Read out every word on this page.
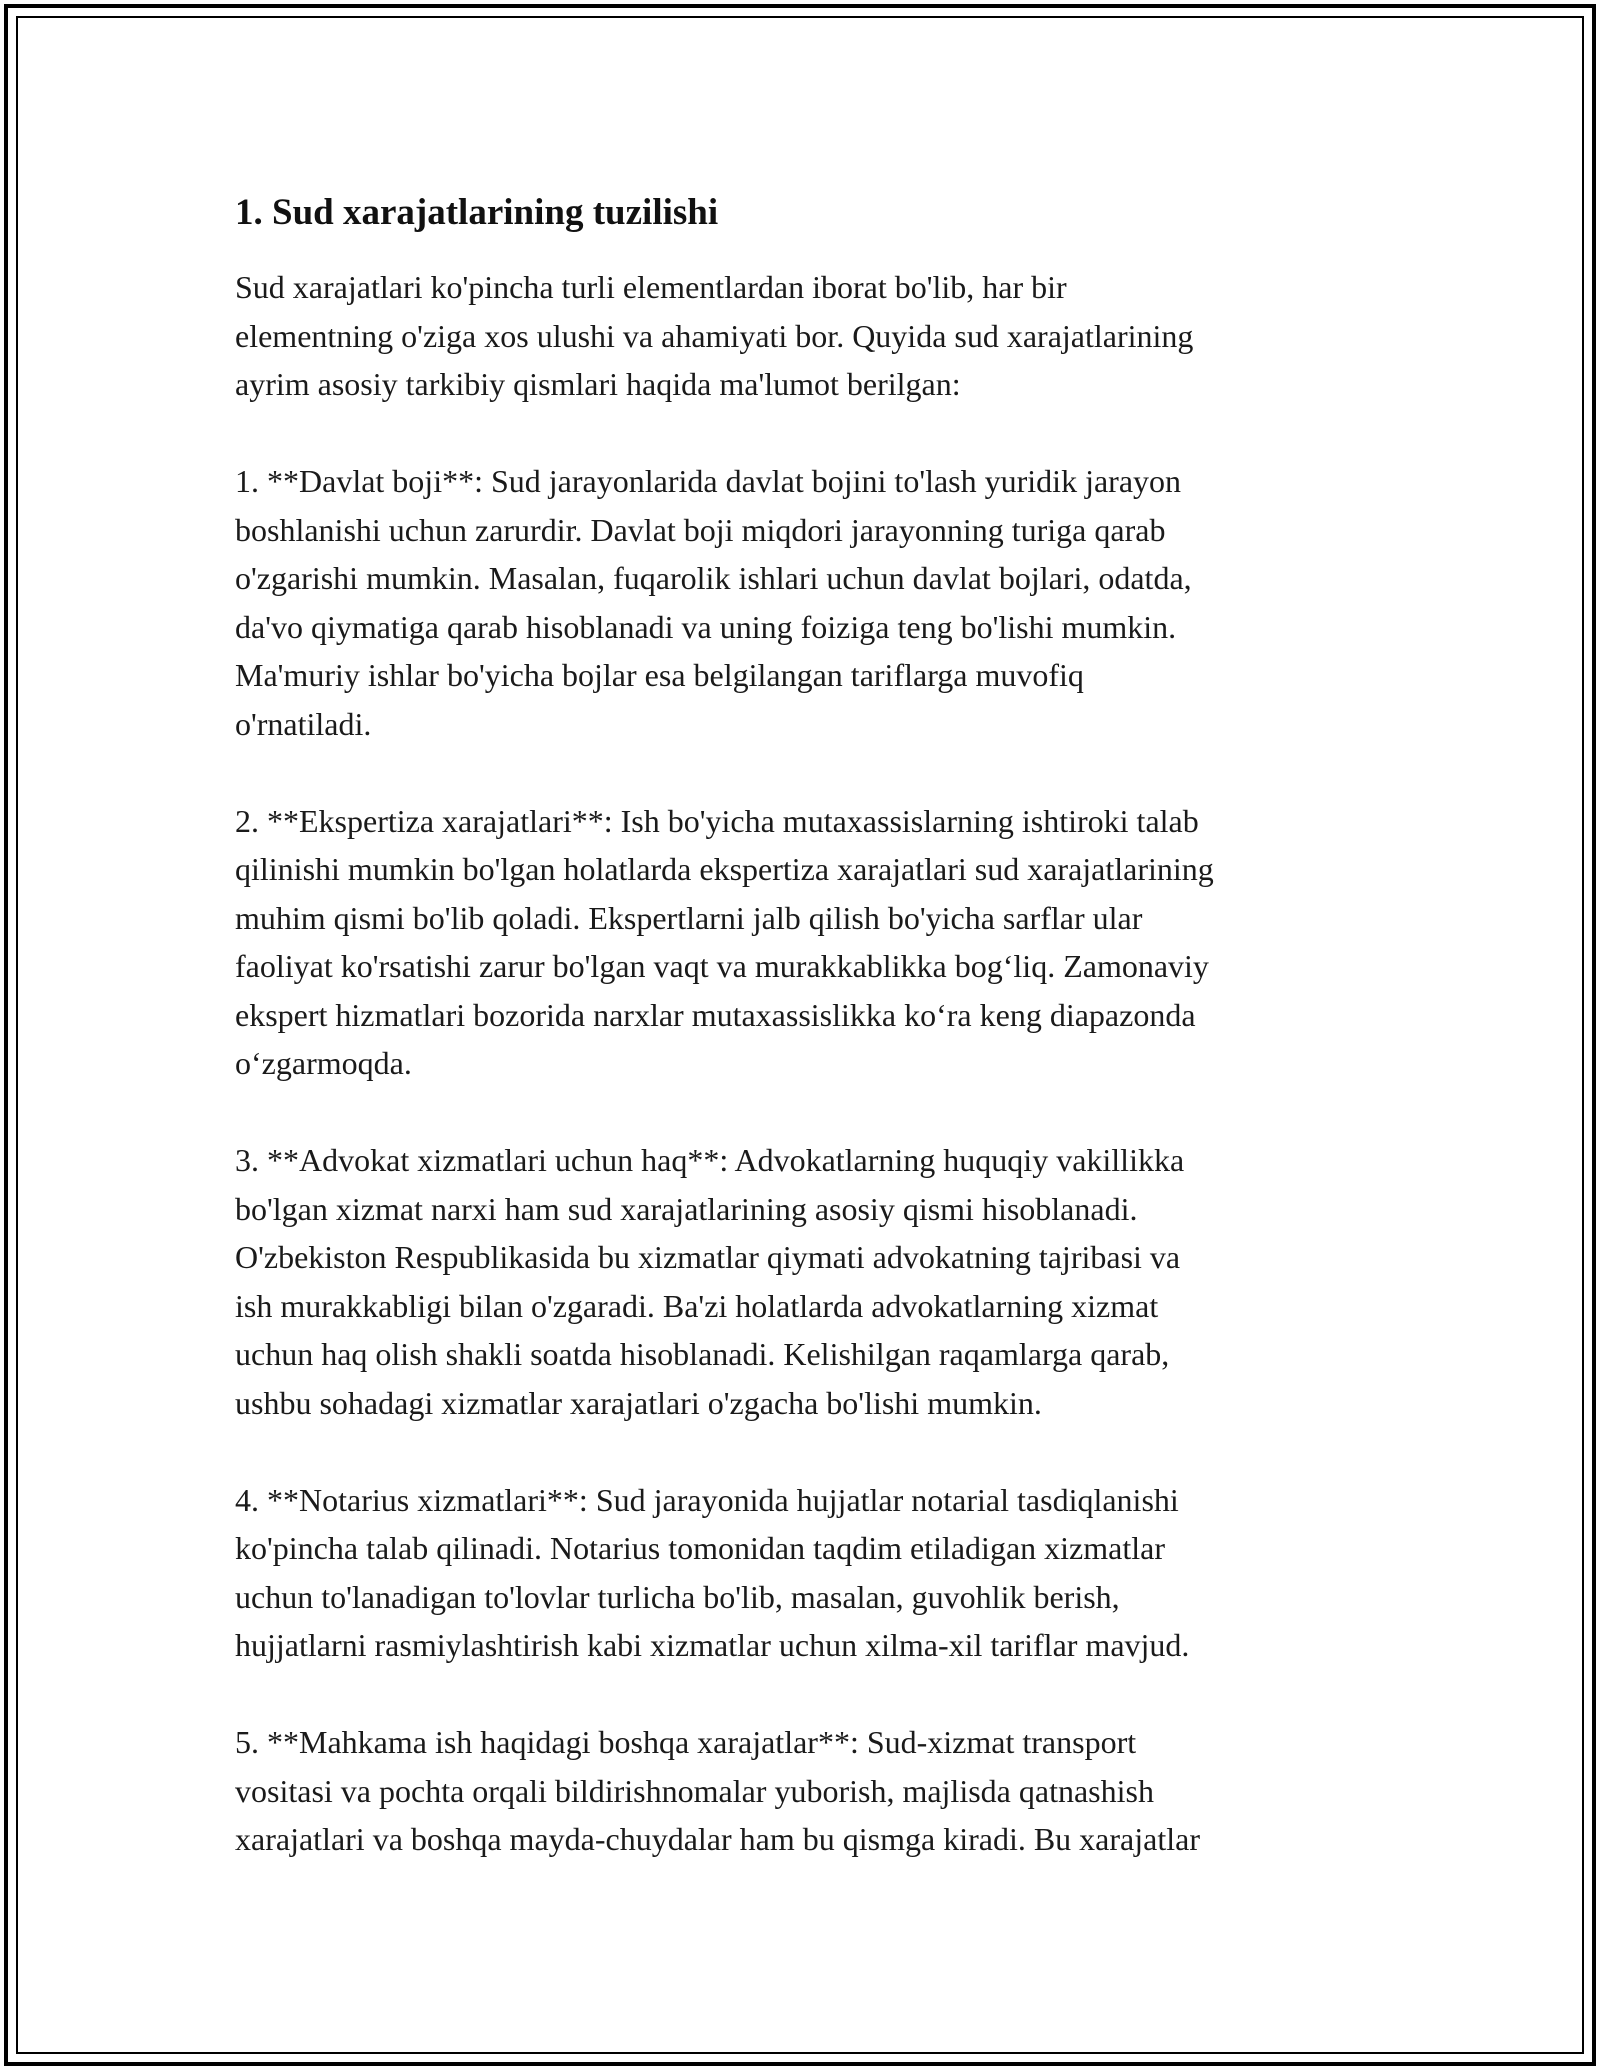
1. Sud xarajatlarining tuzilishi
Sud xarajatlari ko'pincha turli elementlardan iborat bo'lib, har bir
elementning o'ziga xos ulushi va ahamiyati bor. Quyida sud xarajatlarining
ayrim asosiy tarkibiy qismlari haqida ma'lumot berilgan:
1. **Davlat boji**: Sud jarayonlarida davlat bojini to'lash yuridik jarayon
boshlanishi uchun zarurdir. Davlat boji miqdori jarayonning turiga qarab
o'zgarishi mumkin. Masalan, fuqarolik ishlari uchun davlat bojlari, odatda,
da'vo qiymatiga qarab hisoblanadi va uning foiziga teng bo'lishi mumkin.
Ma'muriy ishlar bo'yicha bojlar esa belgilangan tariflarga muvofiq
o'rnatiladi.
2. **Ekspertiza xarajatlari**: Ish bo'yicha mutaxassislarning ishtiroki talab
qilinishi mumkin bo'lgan holatlarda ekspertiza xarajatlari sud xarajatlarining
muhim qismi bo'lib qoladi. Ekspertlarni jalb qilish bo'yicha sarflar ular
faoliyat ko'rsatishi zarur bo'lgan vaqt va murakkablikka bog‘liq. Zamonaviy
ekspert hizmatlari bozorida narxlar mutaxassislikka ko‘ra keng diapazonda
o‘zgarmoqda.
3. **Advokat xizmatlari uchun haq**: Advokatlarning huquqiy vakillikka
bo'lgan xizmat narxi ham sud xarajatlarining asosiy qismi hisoblanadi.
O'zbekiston Respublikasida bu xizmatlar qiymati advokatning tajribasi va
ish murakkabligi bilan o'zgaradi. Ba'zi holatlarda advokatlarning xizmat
uchun haq olish shakli soatda hisoblanadi. Kelishilgan raqamlarga qarab,
ushbu sohadagi xizmatlar xarajatlari o'zgacha bo'lishi mumkin.
4. **Notarius xizmatlari**: Sud jarayonida hujjatlar notarial tasdiqlanishi
ko'pincha talab qilinadi. Notarius tomonidan taqdim etiladigan xizmatlar
uchun to'lanadigan to'lovlar turlicha bo'lib, masalan, guvohlik berish,
hujjatlarni rasmiylashtirish kabi xizmatlar uchun xilma-xil tariflar mavjud.
5. **Mahkama ish haqidagi boshqa xarajatlar**: Sud-xizmat transport
vositasi va pochta orqali bildirishnomalar yuborish, majlisda qatnashish
xarajatlari va boshqa mayda-chuydalar ham bu qismga kiradi. Bu xarajatlar
